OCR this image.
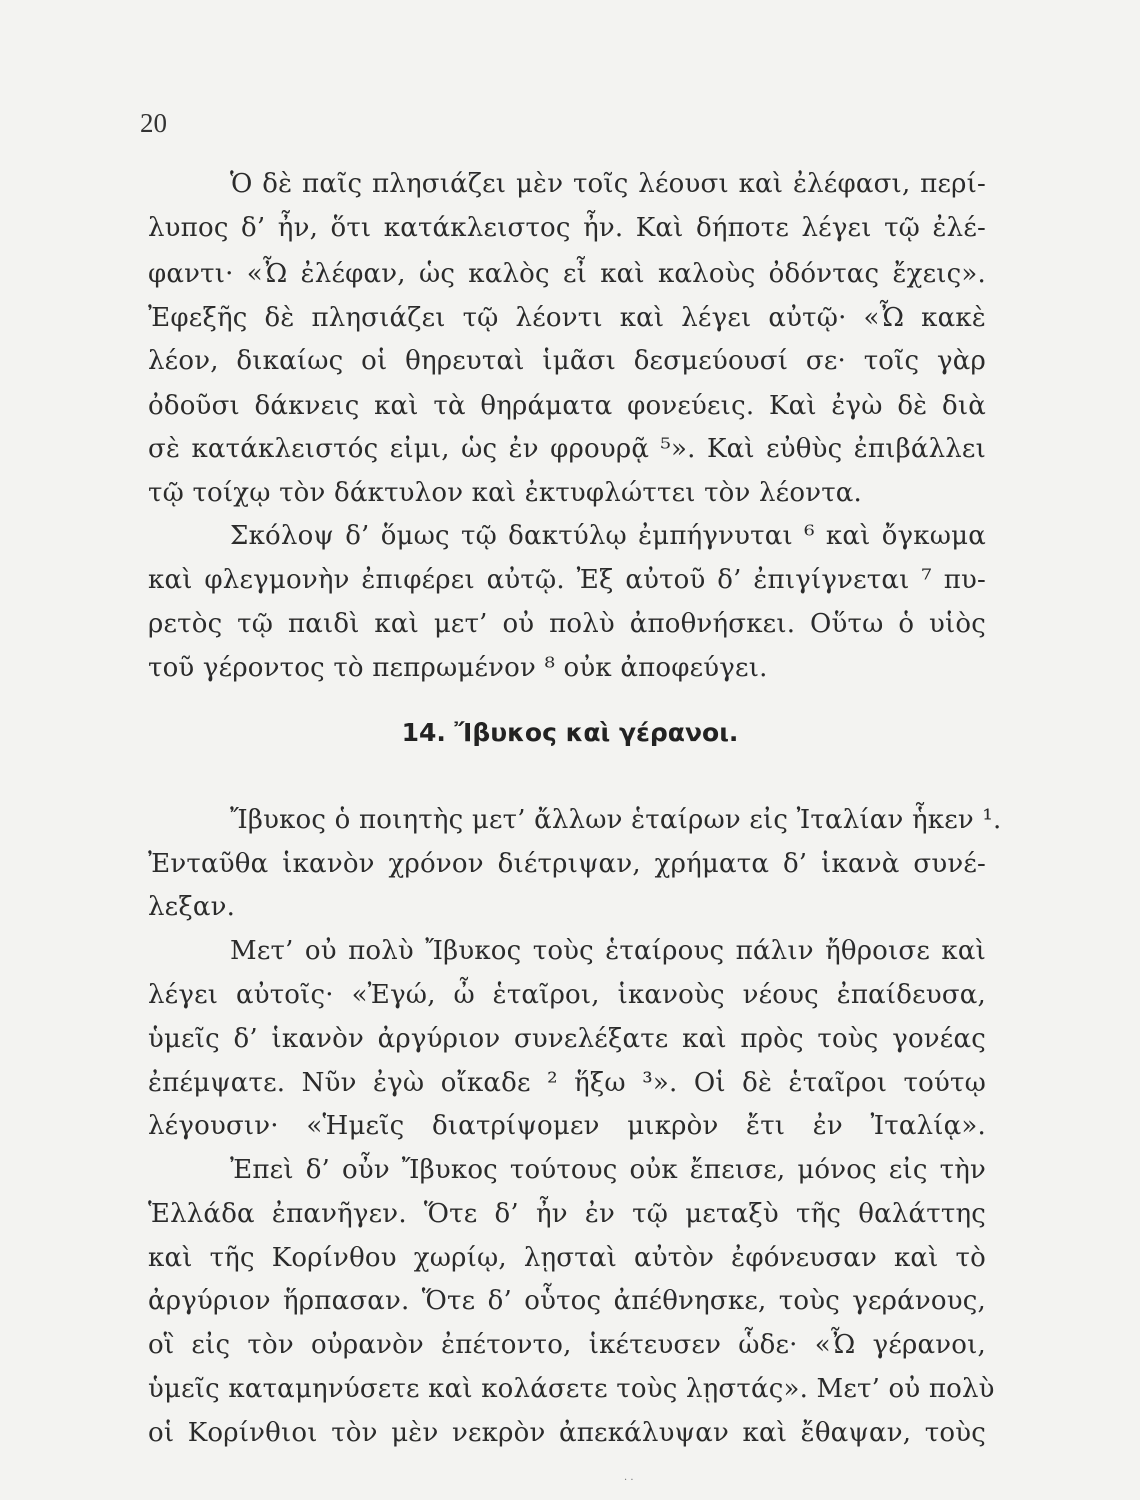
20
Ὁ δὲ παῖς πλησιάζει μὲν τοῖς λέουσι καὶ ἐλέφασι, περί-
λυπος δ’ ἦν, ὅτι κατάκλειστος ἦν. Καὶ δήποτε λέγει τῷ ἐλέ-
φαντι· «Ὦ ἐλέφαν, ὡς καλὸς εἶ καὶ καλοὺς ὀδόντας ἔχεις».
Ἐφεξῆς δὲ πλησιάζει τῷ λέοντι καὶ λέγει αὐτῷ· «Ὦ κακὲ
λέον, δικαίως οἱ θηρευταὶ ἱμᾶσι δεσμεύουσί σε· τοῖς γὰρ
ὀδοῦσι δάκνεις καὶ τὰ θηράματα φονεύεις. Καὶ ἐγὼ δὲ διὰ
σὲ κατάκλειστός εἰμι, ὡς ἐν φρουρᾷ ⁵». Καὶ εὐθὺς ἐπιβάλλει
τῷ τοίχῳ τὸν δάκτυλον καὶ ἐκτυφλώττει τὸν λέοντα.
Σκόλοψ δ’ ὅμως τῷ δακτύλῳ ἐμπήγνυται ⁶ καὶ ὄγκωμα
καὶ φλεγμονὴν ἐπιφέρει αὐτῷ. Ἐξ αὐτοῦ δ’ ἐπιγίγνεται ⁷ πυ-
ρετὸς τῷ παιδὶ καὶ μετ’ οὐ πολὺ ἀποθνήσκει. Οὕτω ὁ υἱὸς
τοῦ γέροντος τὸ πεπρωμένον ⁸ οὐκ ἀποφεύγει.
14. Ἴβυκος καὶ γέρανοι.
Ἴβυκος ὁ ποιητὴς μετ’ ἄλλων ἑταίρων εἰς Ἰταλίαν ἧκεν ¹.
Ἐνταῦθα ἱκανὸν χρόνον διέτριψαν, χρήματα δ’ ἱκανὰ συνέ-
λεξαν.
Μετ’ οὐ πολὺ Ἴβυκος τοὺς ἑταίρους πάλιν ἤθροισε καὶ
λέγει αὐτοῖς· «Ἐγώ, ὦ ἑταῖροι, ἱκανοὺς νέους ἐπαίδευσα,
ὑμεῖς δ’ ἱκανὸν ἀργύριον συνελέξατε καὶ πρὸς τοὺς γονέας
ἐπέμψατε. Νῦν ἐγὼ οἴκαδε ² ἥξω ³». Οἱ δὲ ἑταῖροι τούτῳ
λέγουσιν· «Ἡμεῖς διατρίψομεν μικρὸν ἔτι ἐν Ἰταλίᾳ».
Ἐπεὶ δ’ οὖν Ἴβυκος τούτους οὐκ ἔπεισε, μόνος εἰς τὴν
Ἑλλάδα ἐπανῆγεν. Ὅτε δ’ ἦν ἐν τῷ μεταξὺ τῆς θαλάττης
καὶ τῆς Κορίνθου χωρίῳ, λῃσταὶ αὐτὸν ἐφόνευσαν καὶ τὸ
ἀργύριον ἥρπασαν. Ὅτε δ’ οὗτος ἀπέθνησκε, τοὺς γεράνους,
οἳ εἰς τὸν οὐρανὸν ἐπέτοντο, ἱκέτευσεν ὧδε· «Ὦ γέρανοι,
ὑμεῖς καταμηνύσετε καὶ κολάσετε τοὺς λῃστάς». Μετ’ οὐ πολὺ
οἱ Κορίνθιοι τὸν μὲν νεκρὸν ἀπεκάλυψαν καὶ ἔθαψαν, τοὺς
· ·
